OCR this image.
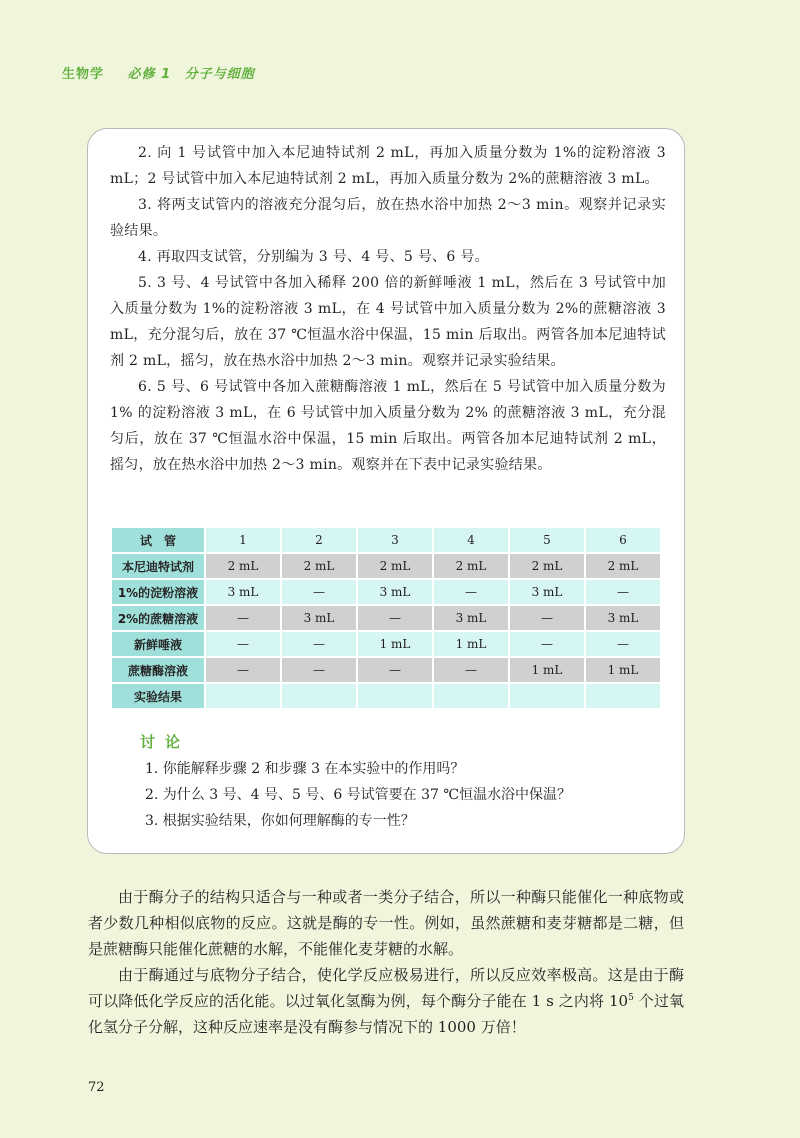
生物学 必修 1 分子与细胞

2. 向 1 号试管中加入本尼迪特试剂 2 mL，再加入质量分数为 1%的淀粉溶液 3 mL；2 号试管中加入本尼迪特试剂 2 mL，再加入质量分数为 2%的蔗糖溶液 3 mL。

3. 将两支试管内的溶液充分混匀后，放在热水浴中加热 2～3 min。观察并记录实验结果。

4. 再取四支试管，分别编为 3 号、4 号、5 号、6 号。

5. 3 号、4 号试管中各加入稀释 200 倍的新鲜唾液 1 mL，然后在 3 号试管中加入质量分数为 1%的淀粉溶液 3 mL，在 4 号试管中加入质量分数为 2%的蔗糖溶液 3 mL，充分混匀后，放在 37 ℃恒温水浴中保温，15 min 后取出。两管各加本尼迪特试剂 2 mL，摇匀，放在热水浴中加热 2～3 min。观察并记录实验结果。

6. 5 号、6 号试管中各加入蔗糖酶溶液 1 mL，然后在 5 号试管中加入质量分数为 1% 的淀粉溶液 3 mL，在 6 号试管中加入质量分数为 2% 的蔗糖溶液 3 mL，充分混匀后，放在 37 ℃恒温水浴中保温，15 min 后取出。两管各加本尼迪特试剂 2 mL，摇匀，放在热水浴中加热 2～3 min。观察并在下表中记录实验结果。

试　管	1	2	3	4	5	6
本尼迪特试剂	2 mL	2 mL	2 mL	2 mL	2 mL	2 mL
1%的淀粉溶液	3 mL	—	3 mL	—	3 mL	—
2%的蔗糖溶液	—	3 mL	—	3 mL	—	3 mL
新鲜唾液	—	—	1 mL	1 mL	—	—
蔗糖酶溶液	—	—	—	—	1 mL	1 mL
实验结果						
讨论

1. 你能解释步骤 2 和步骤 3 在本实验中的作用吗？

2. 为什么 3 号、4 号、5 号、6 号试管要在 37 ℃恒温水浴中保温？

3. 根据实验结果，你如何理解酶的专一性？

由于酶分子的结构只适合与一种或者一类分子结合，所以一种酶只能催化一种底物或者少数几种相似底物的反应。这就是酶的专一性。例如，虽然蔗糖和麦芽糖都是二糖，但是蔗糖酶只能催化蔗糖的水解，不能催化麦芽糖的水解。

由于酶通过与底物分子结合，使化学反应极易进行，所以反应效率极高。这是由于酶可以降低化学反应的活化能。以过氧化氢酶为例，每个酶分子能在 1 s 之内将 $10^5$ 个过氧化氢分子分解，这种反应速率是没有酶参与情况下的 1000 万倍！

72
